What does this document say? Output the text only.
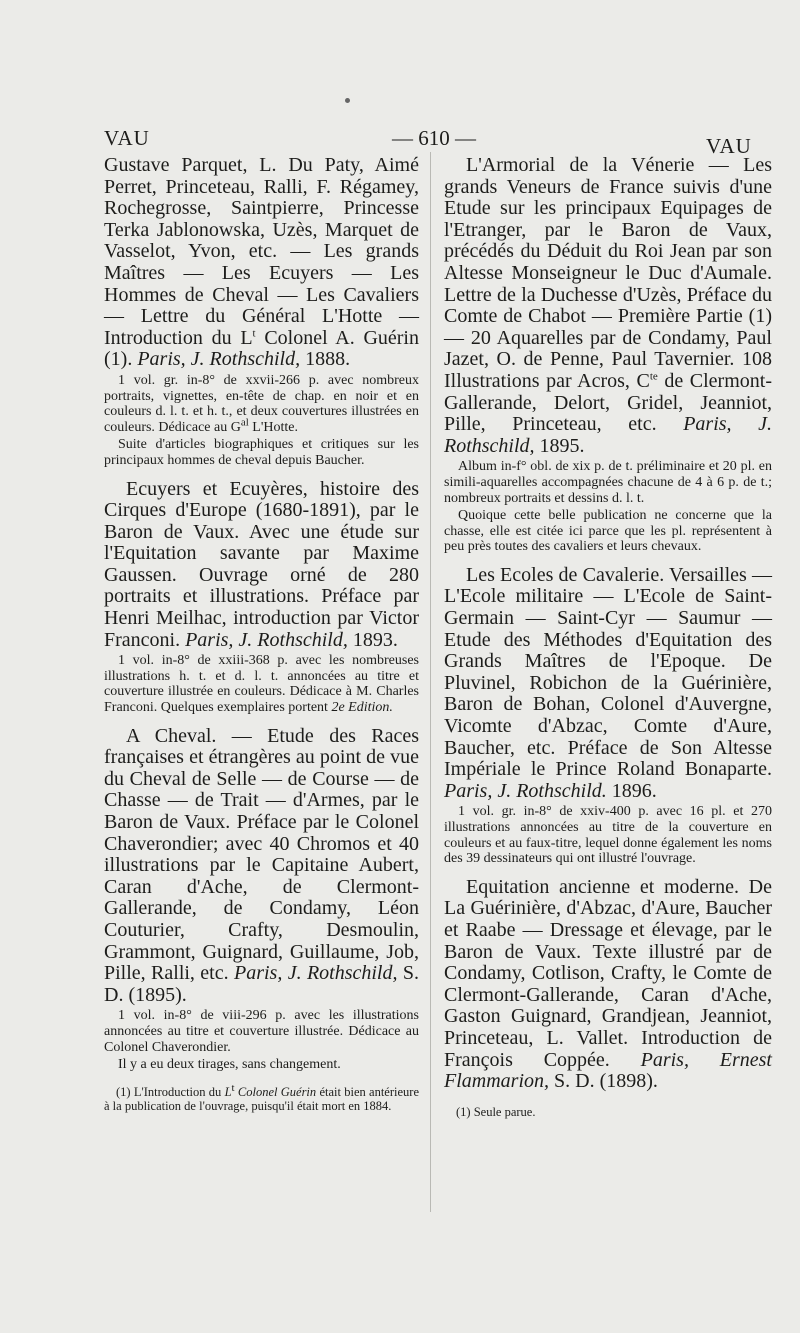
VAU	— 610 —	VAU

Gustave Parquet, L. Du Paty, Aimé Perret, Princeteau, Ralli, F. Régamey, Rochegrosse, Saintpierre, Princesse Terka Jablonowska, Uzès, Marquet de Vasselot, Yvon, etc. — Les grands Maîtres — Les Ecuyers — Les Hommes de Cheval — Les Cavaliers — Lettre du Général L'Hotte — Introduction du $L^t$ Colonel A. Guérin (1). Paris, J. Rothschild, 1888.

1 vol. gr. in-8° de xxvii-266 p. avec nombreux portraits, vignettes, en-tête de chap. en noir et en couleurs d. l. t. et h. t., et deux couvertures illustrées en couleurs. Dédicace au $G^{al}$ L'Hotte.

Suite d'articles biographiques et critiques sur les principaux hommes de cheval depuis Baucher.

Ecuyers et Ecuyères, histoire des Cirques d'Europe (1680-1891), par le Baron de Vaux. Avec une étude sur l'Equitation savante par Maxime Gaussen. Ouvrage orné de 280 portraits et illustrations. Préface par Henri Meilhac, introduction par Victor Franconi. Paris, J. Rothschild, 1893.

1 vol. in-8° de xxiii-368 p. avec les nombreuses illustrations h. t. et d. l. t. annoncées au titre et couverture illustrée en couleurs. Dédicace à M. Charles Franconi. Quelques exemplaires portent 2e Edition.

A Cheval. — Etude des Races françaises et étrangères au point de vue du Cheval de Selle — de Course — de Chasse — de Trait — d'Armes, par le Baron de Vaux. Préface par le Colonel Chaverondier; avec 40 Chromos et 40 illustrations par le Capitaine Aubert, Caran d'Ache, de Clermont-Gallerande, de Condamy, Léon Couturier, Crafty, Desmoulin, Grammont, Guignard, Guillaume, Job, Pille, Ralli, etc. Paris, J. Rothschild, S. D. (1895).

1 vol. in-8° de viii-296 p. avec les illustrations annoncées au titre et couverture illustrée. Dédicace au Colonel Chaverondier.

Il y a eu deux tirages, sans changement.

(1) L'Introduction du Lt Colonel Guérin était bien antérieure à la publication de l'ouvrage, puisqu'il était mort en 1884.

L'Armorial de la Vénerie — Les grands Veneurs de France suivis d'une Etude sur les principaux Equipages de l'Etranger, par le Baron de Vaux, précédés du Déduit du Roi Jean par son Altesse Monseigneur le Duc d'Aumale. Lettre de la Duchesse d'Uzès, Préface du Comte de Chabot — Première Partie (1) — 20 Aquarelles par de Condamy, Paul Jazet, O. de Penne, Paul Tavernier. 108 Illustrations par Acros, $C^{te}$ de Clermont-Gallerande, Delort, Gridel, Jeanniot, Pille, Princeteau, etc. Paris, J. Rothschild, 1895.

Album in-f° obl. de xix p. de t. préliminaire et 20 pl. en simili-aquarelles accompagnées chacune de 4 à 6 p. de t.; nombreux portraits et dessins d. l. t.

Quoique cette belle publication ne concerne que la chasse, elle est citée ici parce que les pl. représentent à peu près toutes des cavaliers et leurs chevaux.

Les Ecoles de Cavalerie. Versailles — L'Ecole militaire — L'Ecole de Saint-Germain — Saint-Cyr — Saumur — Etude des Méthodes d'Equitation des Grands Maîtres de l'Epoque. De Pluvinel, Robichon de la Guérinière, Baron de Bohan, Colonel d'Auvergne, Vicomte d'Abzac, Comte d'Aure, Baucher, etc. Préface de Son Altesse Impériale le Prince Roland Bonaparte. Paris, J. Rothschild. 1896.

1 vol. gr. in-8° de xxiv-400 p. avec 16 pl. et 270 illustrations annoncées au titre de la couverture en couleurs et au faux-titre, lequel donne également les noms des 39 dessinateurs qui ont illustré l'ouvrage.

Equitation ancienne et moderne. De La Guérinière, d'Abzac, d'Aure, Baucher et Raabe — Dressage et élevage, par le Baron de Vaux. Texte illustré par de Condamy, Cotlison, Crafty, le Comte de Clermont-Gallerande, Caran d'Ache, Gaston Guignard, Grandjean, Jeanniot, Princeteau, L. Vallet. Introduction de François Coppée. Paris, Ernest Flammarion, S. D. (1898).

(1) Seule parue.
